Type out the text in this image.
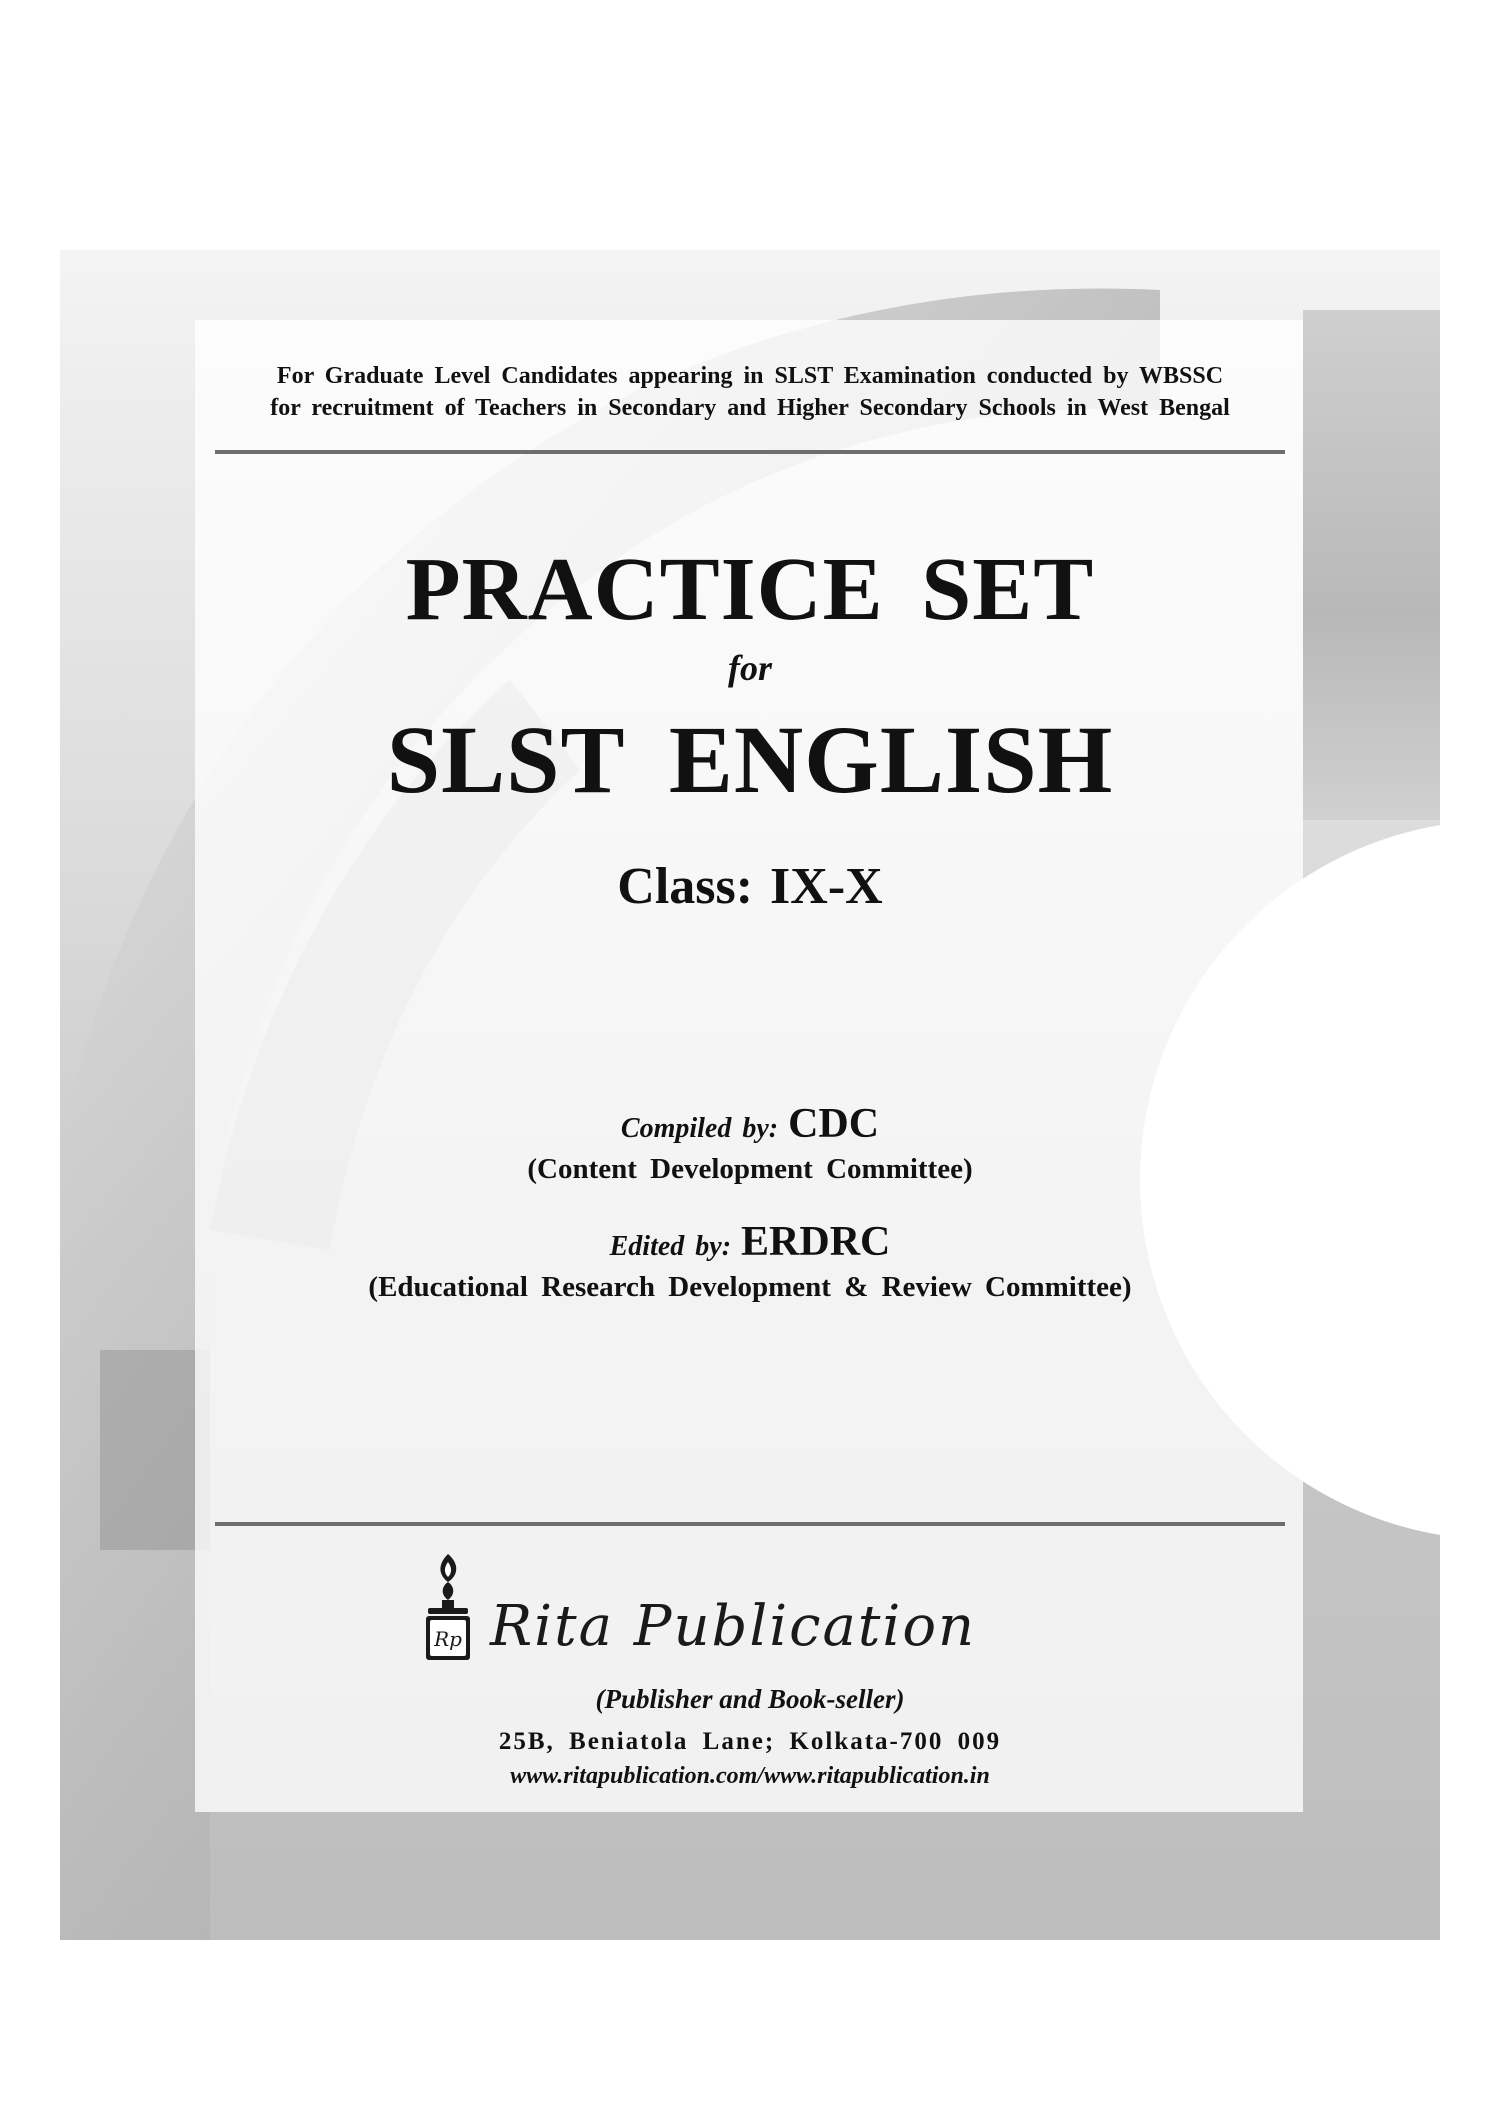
For Graduate Level Candidates appearing in SLST Examination conducted by WBSSC
for recruitment of Teachers in Secondary and Higher Secondary Schools in West Bengal
PRACTICE SET
for
SLST ENGLISH
Class: IX-X
Compiled by: CDC
(Content Development Committee)
Edited by: ERDRC
(Educational Research Development & Review Committee)
Rp Rita Publication
(Publisher and Book-seller)
25B, Beniatola Lane; Kolkata-700 009
www.ritapublication.com/www.ritapublication.in
